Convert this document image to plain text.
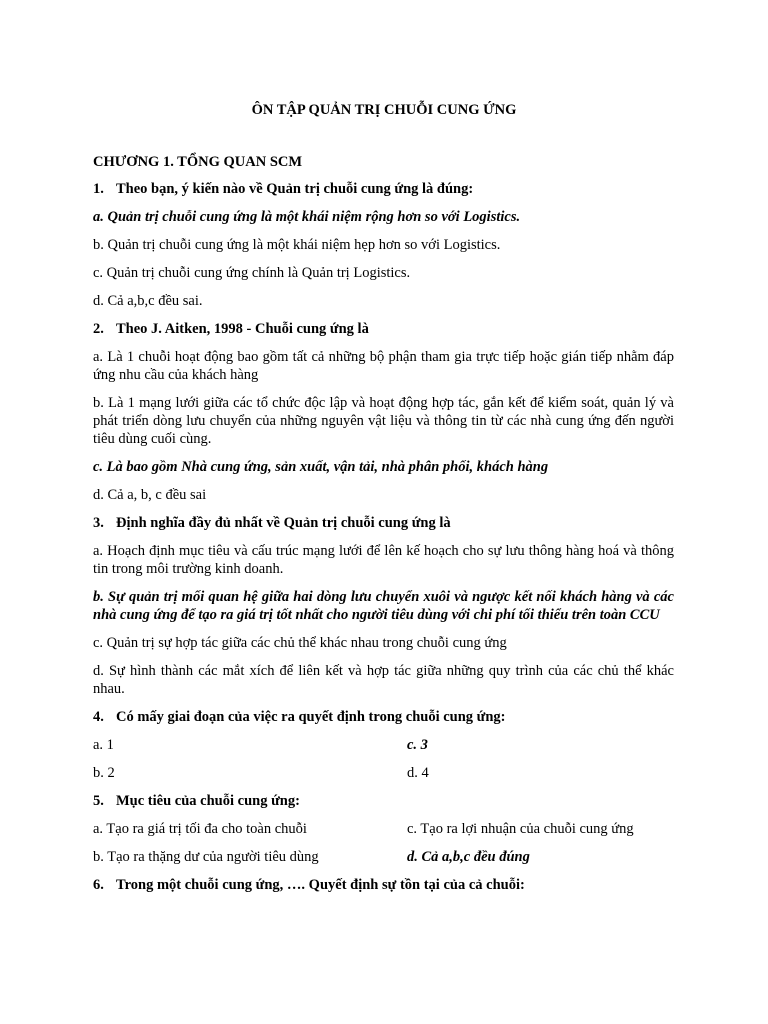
ÔN TẬP QUẢN TRỊ CHUỖI CUNG ỨNG
CHƯƠNG 1. TỔNG QUAN SCM
1. Theo bạn, ý kiến nào về Quản trị chuỗi cung ứng là đúng:
a. Quản trị chuỗi cung ứng là một khái niệm rộng hơn so với Logistics.
b. Quản trị chuỗi cung ứng là một khái niệm hẹp hơn so với Logistics.
c. Quản trị chuỗi cung ứng chính là Quản trị Logistics.
d. Cả a,b,c đều sai.
2. Theo J. Aitken, 1998 - Chuỗi cung ứng là
a. Là 1 chuỗi hoạt động bao gồm tất cả những bộ phận tham gia trực tiếp hoặc gián tiếp nhằm đáp ứng nhu cầu của khách hàng
b. Là 1 mạng lưới giữa các tổ chức độc lập và hoạt động hợp tác, gắn kết để kiểm soát, quản lý và phát triển dòng lưu chuyển của những nguyên vật liệu và thông tin từ các nhà cung ứng đến người tiêu dùng cuối cùng.
c. Là bao gồm Nhà cung ứng, sản xuất, vận tải, nhà phân phối, khách hàng
d. Cả a, b, c đều sai
3. Định nghĩa đầy đủ nhất về Quản trị chuỗi cung ứng là
a. Hoạch định mục tiêu và cấu trúc mạng lưới để lên kế hoạch cho sự lưu thông hàng hoá và thông tin trong môi trường kinh doanh.
b. Sự quản trị mối quan hệ giữa hai dòng lưu chuyển xuôi và ngược kết nối khách hàng và các nhà cung ứng để tạo ra giá trị tốt nhất cho người tiêu dùng với chi phí tối thiểu trên toàn CCU
c. Quản trị sự hợp tác giữa các chủ thể khác nhau trong chuỗi cung ứng
d. Sự hình thành các mắt xích để liên kết và hợp tác giữa những quy trình của các chủ thể khác nhau.
4. Có mấy giai đoạn của việc ra quyết định trong chuỗi cung ứng:
a. 1	c. 3
b. 2	d. 4
5. Mục tiêu của chuỗi cung ứng:
a. Tạo ra giá trị tối đa cho toàn chuỗi	c. Tạo ra lợi nhuận của chuỗi cung ứng
b. Tạo ra thặng dư của người tiêu dùng	d. Cả a,b,c đều đúng
6. Trong một chuỗi cung ứng, …. Quyết định sự tồn tại của cả chuỗi:
